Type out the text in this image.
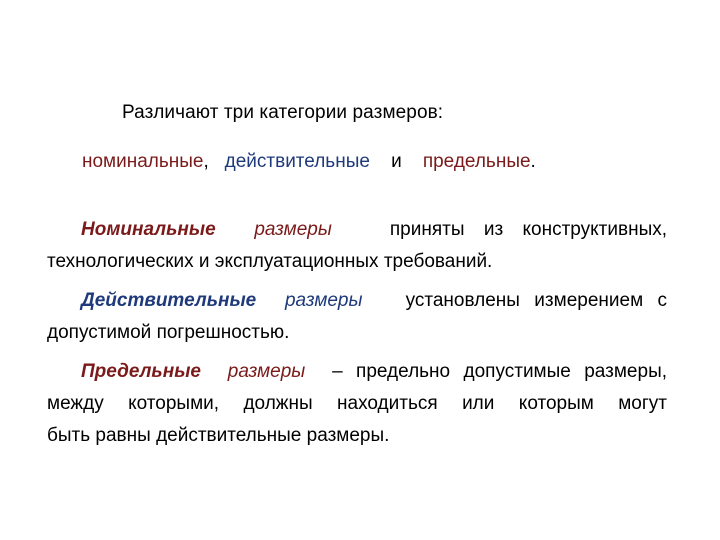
Различают три категории размеров:
номинальные, действительные и предельные.
Номинальные размеры	приняты из конструктивных,
технологических и эксплуатационных требований.
Действительные размеры установлены измерением с
допустимой погрешностью.
Предельные размеры – предельно допустимые размеры,
между которыми, должны находиться или которым могут
быть равны действительные размеры.
